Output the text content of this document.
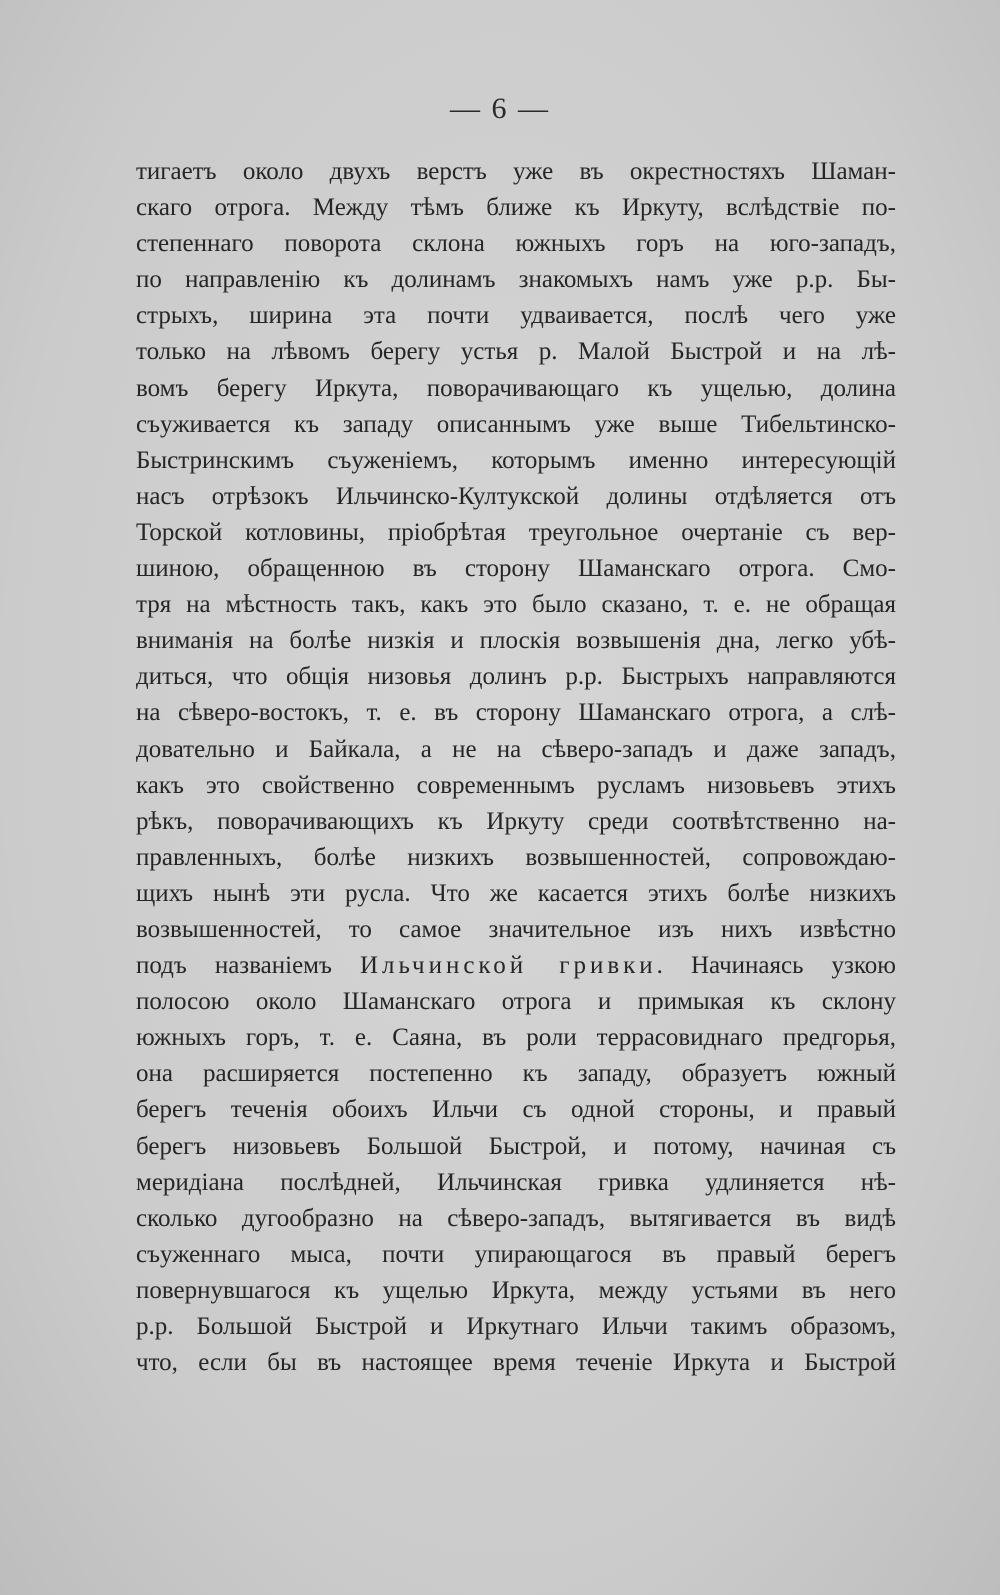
— 6 —
тигаетъ около двухъ верстъ уже въ окрестностяхъ Шаман-
скаго отрога. Между тѣмъ ближе къ Иркуту, вслѣдствіе по-
степеннаго поворота склона южныхъ горъ на юго-западъ,
по направленію къ долинамъ знакомыхъ намъ уже р.р. Бы-
стрыхъ, ширина эта почти удваивается, послѣ чего уже
только на лѣвомъ берегу устья р. Малой Быстрой и на лѣ-
вомъ берегу Иркута, поворачивающаго къ ущелью, долина
съуживается къ западу описаннымъ уже выше Тибельтинско-
Быстринскимъ съуженіемъ, которымъ именно интересующій
насъ отрѣзокъ Ильчинско-Култукской долины отдѣляется отъ
Торской котловины, пріобрѣтая треугольное очертаніе съ вер-
шиною, обращенною въ сторону Шаманскаго отрога. Смо-
тря на мѣстность такъ, какъ это было сказано, т. е. не обращая
вниманія на болѣе низкія и плоскія возвышенія дна, легко убѣ-
диться, что общія низовья долинъ р.р. Быстрыхъ направляются
на сѣверо-востокъ, т. е. въ сторону Шаманскаго отрога, а слѣ-
довательно и Байкала, а не на сѣверо-западъ и даже западъ,
какъ это свойственно современнымъ русламъ низовьевъ этихъ
рѣкъ, поворачивающихъ къ Иркуту среди соотвѣтственно на-
правленныхъ, болѣе низкихъ возвышенностей, сопровождаю-
щихъ нынѣ эти русла. Что же касается этихъ болѣе низкихъ
возвышенностей, то самое значительное изъ нихъ извѣстно
подъ названіемъ Ильчинской гривки. Начинаясь узкою
полосою около Шаманскаго отрога и примыкая къ склону
южныхъ горъ, т. е. Саяна, въ роли террасовиднаго предгорья,
она расширяется постепенно къ западу, образуетъ южный
берегъ теченія обоихъ Ильчи съ одной стороны, и правый
берегъ низовьевъ Большой Быстрой, и потому, начиная съ
меридіана послѣдней, Ильчинская гривка удлиняется нѣ-
сколько дугообразно на сѣверо-западъ, вытягивается въ видѣ
съуженнаго мыса, почти упирающагося въ правый берегъ
повернувшагося къ ущелью Иркута, между устьями въ него
р.р. Большой Быстрой и Иркутнаго Ильчи такимъ образомъ,
что, если бы въ настоящее время теченіе Иркута и Быстрой
